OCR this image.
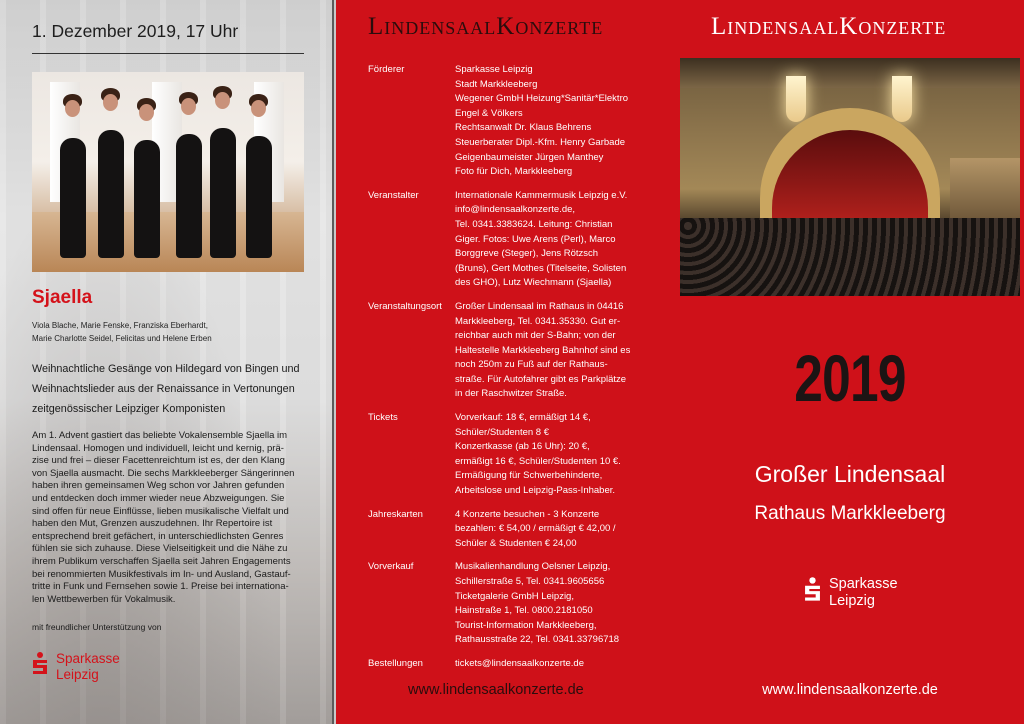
1. Dezember 2019, 17 Uhr
Sjaella
Viola Blache, Marie Fenske, Franziska Eberhardt,
Marie Charlotte Seidel, Felicitas und Helene Erben
Weihnachtliche Gesänge von Hildegard von Bingen und
Weihnachtslieder aus der Renaissance in Vertonungen
zeitgenössischer Leipziger Komponisten
Am 1. Advent gastiert das beliebte Vokalensemble Sjaella im
Lindensaal. Homogen und individuell, leicht und kernig, prä-
zise und frei – dieser Facettenreichtum ist es, der den Klang
von Sjaella ausmacht. Die sechs Markkleeberger Sängerinnen
haben ihren gemeinsamen Weg schon vor Jahren gefunden
und entdecken doch immer wieder neue Abzweigungen. Sie
sind offen für neue Einflüsse, lieben musikalische Vielfalt und
haben den Mut, Grenzen auszudehnen. Ihr Repertoire ist
entsprechend breit gefächert, in unterschiedlichsten Genres
fühlen sie sich zuhause. Diese Vielseitigkeit und die Nähe zu
ihrem Publikum verschaffen Sjaella seit Jahren Engagements
bei renommierten Musikfestivals im In- und Ausland, Gastauf-
tritte in Funk und Fernsehen sowie 1. Preise bei internationa-
len Wettbewerben für Vokalmusik.
mit freundlicher Unterstützung von
Sparkasse
Leipzig
LindensaalKonzerte
Förderer	Sparkasse Leipzig
Stadt Markkleeberg
Wegener GmbH Heizung*Sanitär*Elektro
Engel & Völkers
Rechtsanwalt Dr. Klaus Behrens
Steuerberater Dipl.-Kfm. Henry Garbade
Geigenbaumeister Jürgen Manthey
Foto für Dich, Markkleeberg
Veranstalter	Internationale Kammermusik Leipzig e.V.
info@lindensaalkonzerte.de,
Tel. 0341.3383624. Leitung: Christian
Giger. Fotos: Uwe Arens (Perl), Marco
Borggreve (Steger), Jens Rötzsch
(Bruns), Gert Mothes (Titelseite, Solisten
des GHO), Lutz Wiechmann (Sjaella)
Veranstaltungsort	Großer Lindensaal im Rathaus in 04416
Markkleeberg, Tel. 0341.35330. Gut er-
reichbar auch mit der S-Bahn; von der
Haltestelle Markkleeberg Bahnhof sind es
noch 250m zu Fuß auf der Rathaus-
straße. Für Autofahrer gibt es Parkplätze
in der Raschwitzer Straße.
Tickets	Vorverkauf: 18 €, ermäßigt 14 €,
Schüler/Studenten 8 €
Konzertkasse (ab 16 Uhr): 20 €,
ermäßigt 16 €, Schüler/Studenten 10 €.
Ermäßigung für Schwerbehinderte,
Arbeitslose und Leipzig-Pass-Inhaber.
Jahreskarten	4 Konzerte besuchen - 3 Konzerte
bezahlen: € 54,00 / ermäßigt € 42,00 /
Schüler & Studenten € 24,00
Vorverkauf	Musikalienhandlung Oelsner Leipzig,
Schillerstraße 5, Tel. 0341.9605656
Ticketgalerie GmbH Leipzig,
Hainstraße 1, Tel. 0800.2181050
Tourist-Information Markkleeberg,
Rathausstraße 22, Tel. 0341.33796718
Bestellungen	tickets@lindensaalkonzerte.de
www.lindensaalkonzerte.de
LindensaalKonzerte
2019
Großer Lindensaal
Rathaus Markkleeberg
Sparkasse
Leipzig
www.lindensaalkonzerte.de
